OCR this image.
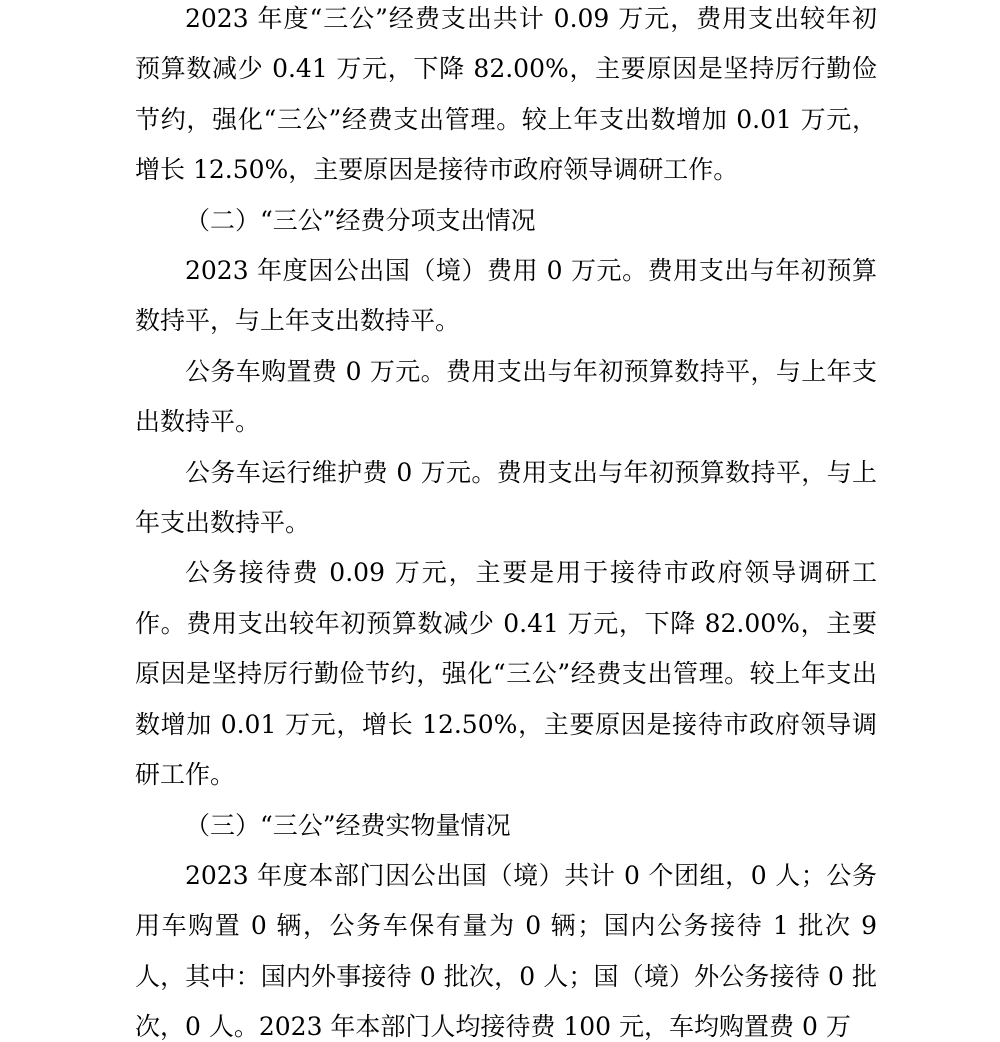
2023 年度“三公”经费支出共计 0.09 万元，费用支出较年初预算数减少 0.41 万元，下降 82.00%，主要原因是坚持厉行勤俭节约，强化“三公”经费支出管理。较上年支出数增加 0.01 万元，增长 12.50%，主要原因是接待市政府领导调研工作。

（二）“三公”经费分项支出情况

2023 年度因公出国（境）费用 0 万元。费用支出与年初预算数持平，与上年支出数持平。

公务车购置费 0 万元。费用支出与年初预算数持平，与上年支出数持平。

公务车运行维护费 0 万元。费用支出与年初预算数持平，与上年支出数持平。

公务接待费 0.09 万元，主要是用于接待市政府领导调研工作。费用支出较年初预算数减少 0.41 万元，下降 82.00%，主要原因是坚持厉行勤俭节约，强化“三公”经费支出管理。较上年支出数增加 0.01 万元，增长 12.50%，主要原因是接待市政府领导调研工作。

（三）“三公”经费实物量情况

2023 年度本部门因公出国（境）共计 0 个团组，0 人；公务用车购置 0 辆，公务车保有量为 0 辆；国内公务接待 1 批次 9 人，其中：国内外事接待 0 批次，0 人；国（境）外公务接待 0 批次，0 人。2023 年本部门人均接待费 100 元，车均购置费 0 万
